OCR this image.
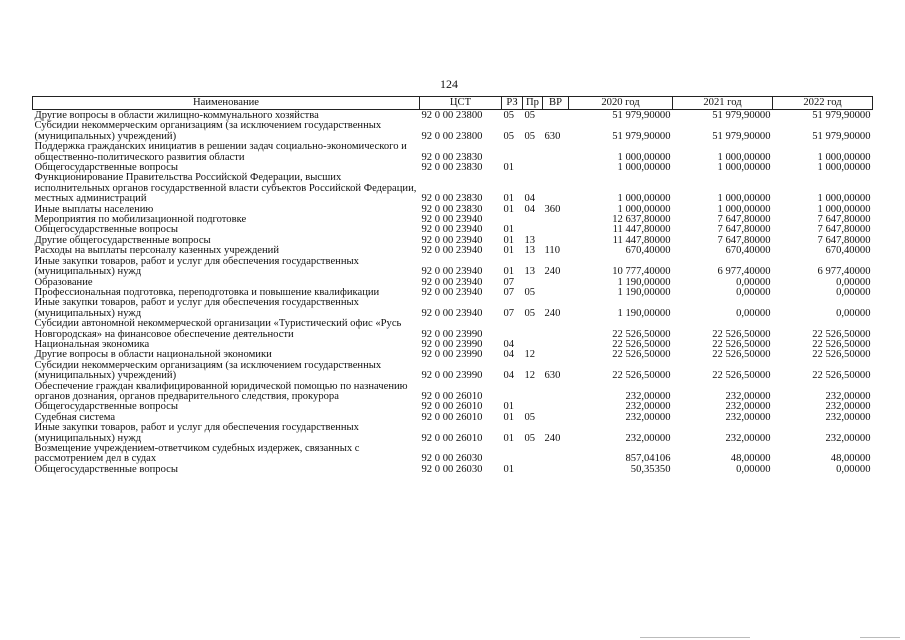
124
Наименование	ЦСТ	РЗ	Пр	ВР	2020 год	2021 год	2022 год
Другие вопросы в области жилищно-коммунального хозяйства	92 0 00 23800	05	05		51 979,90000	51 979,90000	51 979,90000
Субсидии некоммерческим организациям (за исключением государственных (муниципальных) учреждений)	92 0 00 23800	05	05	630	51 979,90000	51 979,90000	51 979,90000
Поддержка гражданских инициатив в решении задач социально-экономического и общественно-политического развития области	92 0 00 23830				1 000,00000	1 000,00000	1 000,00000
Общегосударственные вопросы	92 0 00 23830	01			1 000,00000	1 000,00000	1 000,00000
Функционирование Правительства Российской Федерации, высших исполнительных органов государственной власти субъектов Российской Федерации, местных администраций	92 0 00 23830	01	04		1 000,00000	1 000,00000	1 000,00000
Иные выплаты населению	92 0 00 23830	01	04	360	1 000,00000	1 000,00000	1 000,00000
Мероприятия по мобилизационной подготовке	92 0 00 23940				12 637,80000	7 647,80000	7 647,80000
Общегосударственные вопросы	92 0 00 23940	01			11 447,80000	7 647,80000	7 647,80000
Другие общегосударственные вопросы	92 0 00 23940	01	13		11 447,80000	7 647,80000	7 647,80000
Расходы на выплаты персоналу казенных учреждений	92 0 00 23940	01	13	110	670,40000	670,40000	670,40000
Иные закупки товаров, работ и услуг для обеспечения государственных (муниципальных) нужд	92 0 00 23940	01	13	240	10 777,40000	6 977,40000	6 977,40000
Образование	92 0 00 23940	07			1 190,00000	0,00000	0,00000
Профессиональная подготовка, переподготовка и повышение квалификации	92 0 00 23940	07	05		1 190,00000	0,00000	0,00000
Иные закупки товаров, работ и услуг для обеспечения государственных (муниципальных) нужд	92 0 00 23940	07	05	240	1 190,00000	0,00000	0,00000
Субсидии автономной некоммерческой организации «Туристический офис «Русь Новгородская» на финансовое обеспечение деятельности	92 0 00 23990				22 526,50000	22 526,50000	22 526,50000
Национальная экономика	92 0 00 23990	04			22 526,50000	22 526,50000	22 526,50000
Другие вопросы в области национальной экономики	92 0 00 23990	04	12		22 526,50000	22 526,50000	22 526,50000
Субсидии некоммерческим организациям (за исключением государственных (муниципальных) учреждений)	92 0 00 23990	04	12	630	22 526,50000	22 526,50000	22 526,50000
Обеспечение граждан квалифицированной юридической помощью по назначению органов дознания, органов предварительного следствия, прокурора	92 0 00 26010				232,00000	232,00000	232,00000
Общегосударственные вопросы	92 0 00 26010	01			232,00000	232,00000	232,00000
Судебная система	92 0 00 26010	01	05		232,00000	232,00000	232,00000
Иные закупки товаров, работ и услуг для обеспечения государственных (муниципальных) нужд	92 0 00 26010	01	05	240	232,00000	232,00000	232,00000
Возмещение учреждением-ответчиком судебных издержек, связанных с рассмотрением дел в судах	92 0 00 26030				857,04106	48,00000	48,00000
Общегосударственные вопросы	92 0 00 26030	01			50,35350	0,00000	0,00000
